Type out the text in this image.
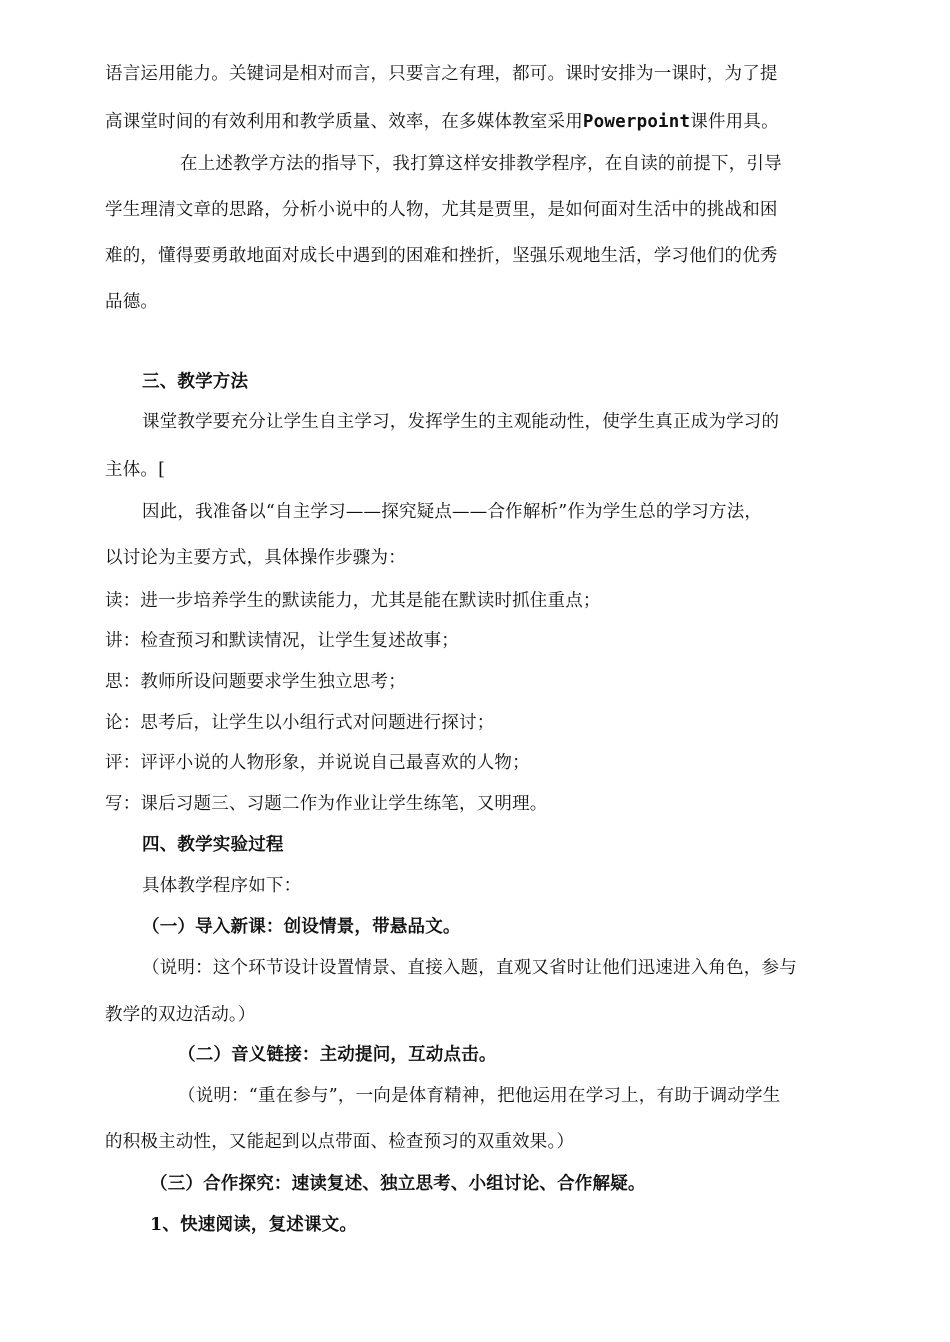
语言运用能力。关键词是相对而言，只要言之有理，都可。课时安排为一课时，为了提
高课堂时间的有效利用和教学质量、效率，在多媒体教室采用Powerpoint课件用具。
在上述教学方法的指导下，我打算这样安排教学程序，在自读的前提下，引导
学生理清文章的思路，分析小说中的人物，尤其是贾里，是如何面对生活中的挑战和困
难的，懂得要勇敢地面对成长中遇到的困难和挫折，坚强乐观地生活，学习他们的优秀
品德。
三、教学方法
课堂教学要充分让学生自主学习，发挥学生的主观能动性，使学生真正成为学习的
主体。[
因此，我准备以“自主学习——探究疑点——合作解析”作为学生总的学习方法，
以讨论为主要方式，具体操作步骤为：
读：进一步培养学生的默读能力，尤其是能在默读时抓住重点；
讲：检查预习和默读情况，让学生复述故事；
思：教师所设问题要求学生独立思考；
论：思考后，让学生以小组行式对问题进行探讨；
评：评评小说的人物形象，并说说自己最喜欢的人物；
写：课后习题三、习题二作为作业让学生练笔，又明理。
四、教学实验过程
具体教学程序如下：
（一）导入新课：创设情景，带悬品文。
（说明：这个环节设计设置情景、直接入题，直观又省时让他们迅速进入角色，参与
教学的双边活动。）
（二）音义链接：主动提问，互动点击。
（说明：“重在参与”，一向是体育精神，把他运用在学习上，有助于调动学生
的积极主动性，又能起到以点带面、检查预习的双重效果。）
（三）合作探究：速读复述、独立思考、小组讨论、合作解疑。
1、快速阅读，复述课文。
